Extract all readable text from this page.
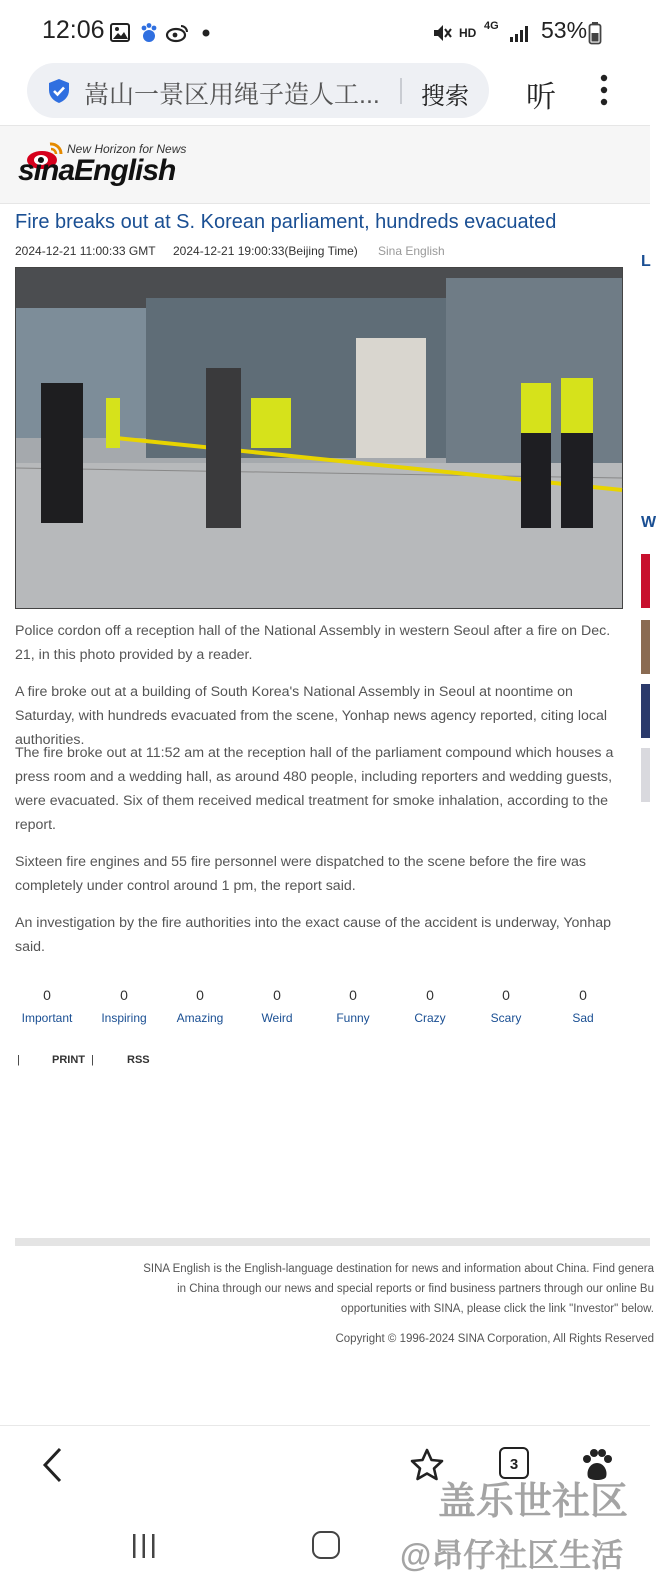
12:06	HD 4G 53%
嵩山一景区用绳子造人工... 搜索 听
New Horizon for News
sinaEnglish
Fire breaks out at S. Korean parliament, hundreds evacuated
2024-12-21 11:00:33 GMT 2024-12-21 19:00:33(Beijing Time) Sina English
L
W

Police cordon off a reception hall of the National Assembly in western Seoul after a fire on Dec. 21, in this photo provided by a reader.

A fire broke out at a building of South Korea's National Assembly in Seoul at noontime on Saturday, with hundreds evacuated from the scene, Yonhap news agency reported, citing local authorities.

The fire broke out at 11:52 am at the reception hall of the parliament compound which houses a press room and a wedding hall, as around 480 people, including reporters and wedding guests, were evacuated. Six of them received medical treatment for smoke inhalation, according to the report.

Sixteen fire engines and 55 fire personnel were dispatched to the scene before the fire was completely under control around 1 pm, the report said.

An investigation by the fire authorities into the exact cause of the accident is underway, Yonhap said.

0
Important
0
Inspiring
0
Amazing
0
Weird
0
Funny
0
Crazy
0
Scary
0
Sad
|	PRINT |	RSS
SINA English is the English-language destination for news and information about China. Find genera
in China through our news and special reports or find business partners through our online Bu
opportunities with SINA, please click the link "Investor" below.
Copyright © 1996-2024 SINA Corporation, All Rights Reserved
3
盖乐世社区
@昂仔社区生活
